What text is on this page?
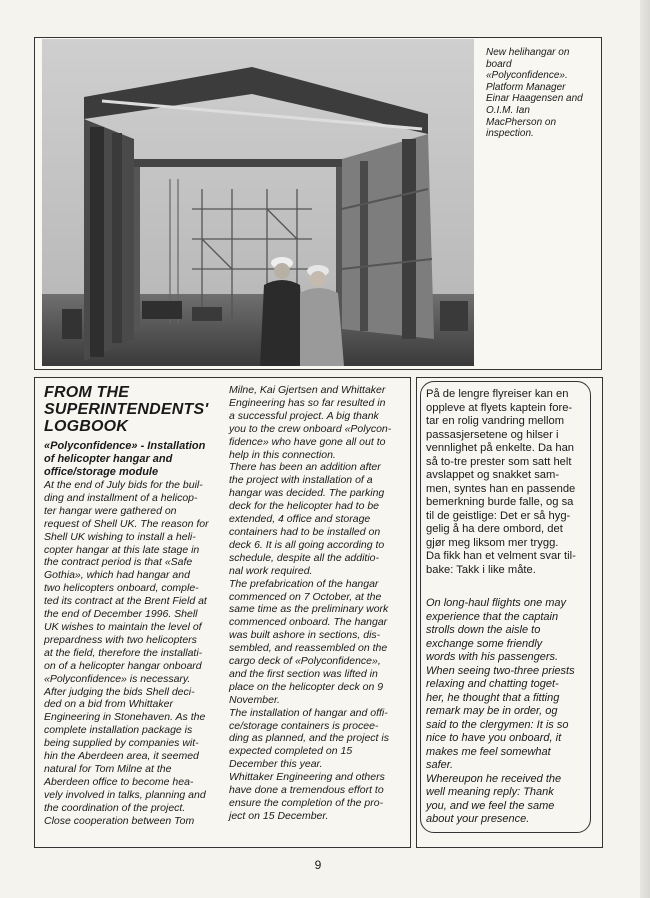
New helihangar on
board
«Polyconfidence».
Platform Manager
Einar Haagensen and
O.I.M. Ian
MacPherson on
inspection.
FROM THE
SUPERINTENDENTS'
LOGBOOK
«Polyconfidence» - Installation
of helicopter hangar and
office/storage module
At the end of July bids for the buil-
ding and installment of a helicop-
ter hangar were gathered on
request of Shell UK. The reason for
Shell UK wishing to install a heli-
copter hangar at this late stage in
the contract period is that «Safe
Gothia», which had hangar and
two helicopters onboard, comple-
ted its contract at the Brent Field at
the end of December 1996. Shell
UK wishes to maintain the level of
prepardness with two helicopters
at the field, therefore the installati-
on of a helicopter hangar onboard
«Polyconfidence» is necessary.
After judging the bids Shell deci-
ded on a bid from Whittaker
Engineering in Stonehaven. As the
complete installation package is
being supplied by companies wit-
hin the Aberdeen area, it seemed
natural for Tom Milne at the
Aberdeen office to become hea-
vely involved in talks, planning and
the coordination of the project.
Close cooperation between Tom
Milne, Kai Gjertsen and Whittaker
Engineering has so far resulted in
a successful project. A big thank
you to the crew onboard «Polycon-
fidence» who have gone all out to
help in this connection.
There has been an addition after
the project with installation of a
hangar was decided. The parking
deck for the helicopter had to be
extended, 4 office and storage
containers had to be installed on
deck 6. It is all going according to
schedule, despite all the additio-
nal work required.
The prefabrication of the hangar
commenced on 7 October, at the
same time as the preliminary work
commenced onboard. The hangar
was built ashore in sections, dis-
sembled, and reassembled on the
cargo deck of «Polyconfidence»,
and the first section was lifted in
place on the helicopter deck on 9
November.
The installation of hangar and offi-
ce/storage containers is procee-
ding as planned, and the project is
expected completed on 15
December this year.
Whittaker Engineering and others
have done a tremendous effort to
ensure the completion of the pro-
ject on 15 December.
På de lengre flyreiser kan en
oppleve at flyets kaptein fore-
tar en rolig vandring mellom
passasjersetene og hilser i
vennlighet på enkelte. Da han
så to-tre prester som satt helt
avslappet og snakket sam-
men, syntes han en passende
bemerkning burde falle, og sa
til de geistlige: Det er så hyg-
gelig å ha dere ombord, det
gjør meg liksom mer trygg.
Da fikk han et velment svar til-
bake: Takk i like måte.
On long-haul flights one may
experience that the captain
strolls down the aisle to
exchange some friendly
words with his passengers.
When seeing two-three priests
relaxing and chatting toget-
her, he thought that a fitting
remark may be in order, og
said to the clergymen: It is so
nice to have you onboard, it
makes me feel somewhat
safer.
Whereupon he received the
well meaning reply: Thank
you, and we feel the same
about your presence.
9
